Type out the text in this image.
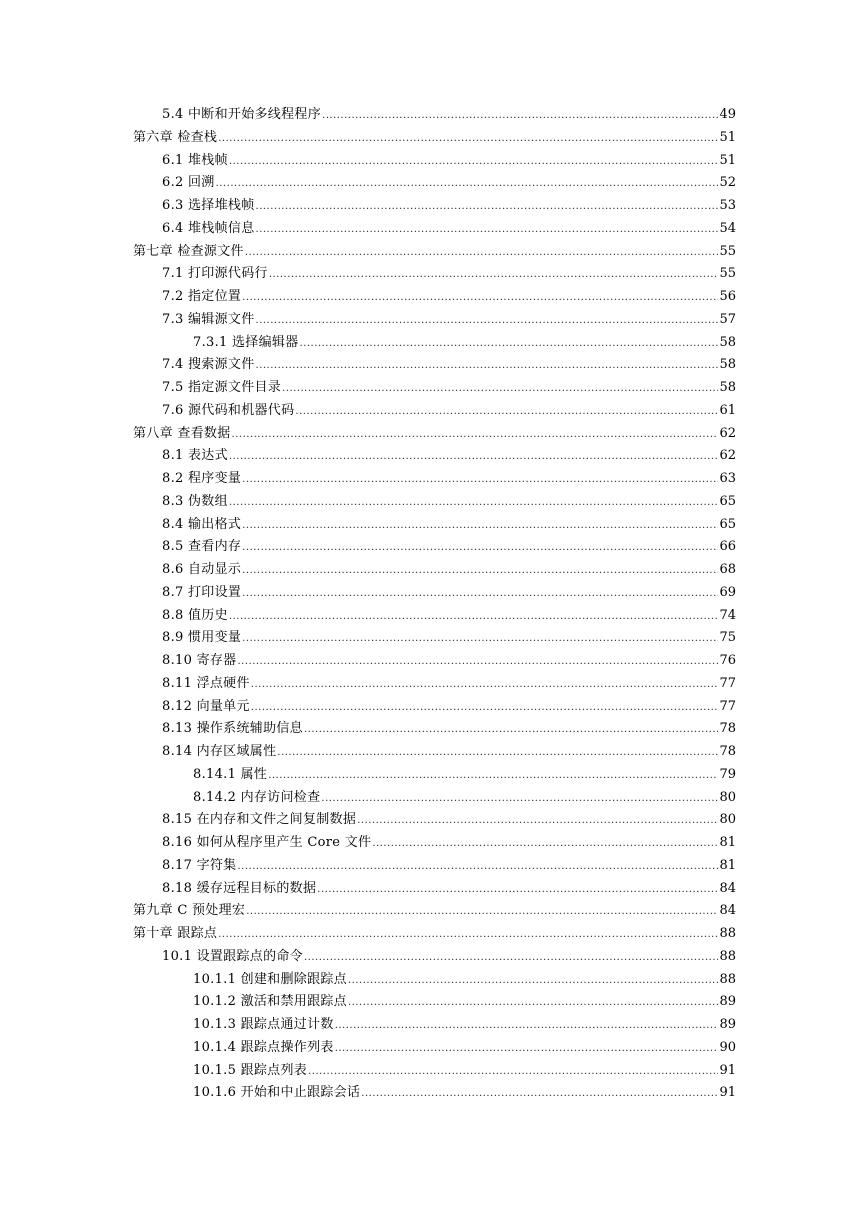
5.4 中断和开始多线程程序 .....	49
第六章 检查栈 .....	51
6.1 堆栈帧 .....	51
6.2 回溯 .....	52
6.3 选择堆栈帧 .....	53
6.4 堆栈帧信息 .....	54
第七章 检查源文件 .....	55
7.1 打印源代码行 .....	55
7.2 指定位置 .....	56
7.3 编辑源文件 .....	57
7.3.1 选择编辑器 .....	58
7.4 搜索源文件 .....	58
7.5 指定源文件目录 .....	58
7.6 源代码和机器代码 .....	61
第八章 查看数据 .....	62
8.1 表达式 .....	62
8.2 程序变量 .....	63
8.3 伪数组 .....	65
8.4 输出格式 .....	65
8.5 查看内存 .....	66
8.6 自动显示 .....	68
8.7 打印设置 .....	69
8.8 值历史 .....	74
8.9 惯用变量 .....	75
8.10 寄存器 .....	76
8.11 浮点硬件 .....	77
8.12 向量单元 .....	77
8.13 操作系统辅助信息 .....	78
8.14 内存区域属性 .....	78
8.14.1 属性 .....	79
8.14.2 内存访问检查 .....	80
8.15 在内存和文件之间复制数据 .....	80
8.16 如何从程序里产生 Core 文件 .....	81
8.17 字符集 .....	81
8.18 缓存远程目标的数据 .....	84
第九章 C 预处理宏 .....	84
第十章 跟踪点 .....	88
10.1 设置跟踪点的命令 .....	88
10.1.1 创建和删除跟踪点 .....	88
10.1.2 激活和禁用跟踪点 .....	89
10.1.3 跟踪点通过计数 .....	89
10.1.4 跟踪点操作列表 .....	90
10.1.5 跟踪点列表 .....	91
10.1.6 开始和中止跟踪会话 .....	91
